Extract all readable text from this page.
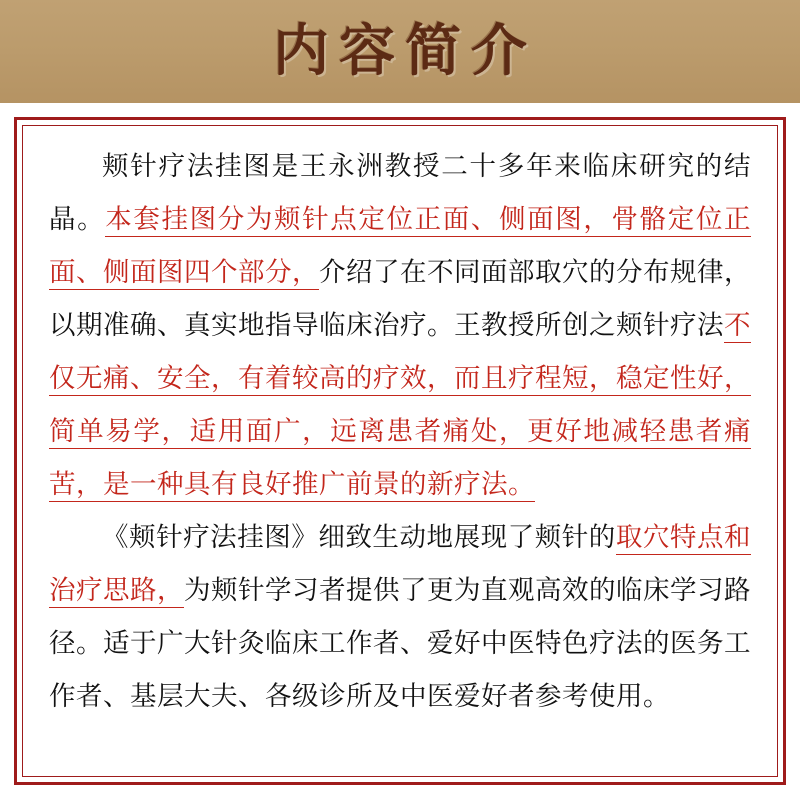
内容简介

颊针疗法挂图是王永洲教授二十多年来临床研究的结晶。本套挂图分为颊针点定位正面、侧面图，骨骼定位正面、侧面图四个部分，介绍了在不同面部取穴的分布规律，以期准确、真实地指导临床治疗。王教授所创之颊针疗法不仅无痛、安全，有着较高的疗效，而且疗程短，稳定性好，简单易学，适用面广，远离患者痛处，更好地减轻患者痛苦，是一种具有良好推广前景的新疗法。

《颊针疗法挂图》细致生动地展现了颊针的取穴特点和治疗思路，为颊针学习者提供了更为直观高效的临床学习路径。适于广大针灸临床工作者、爱好中医特色疗法的医务工作者、基层大夫、各级诊所及中医爱好者参考使用。
